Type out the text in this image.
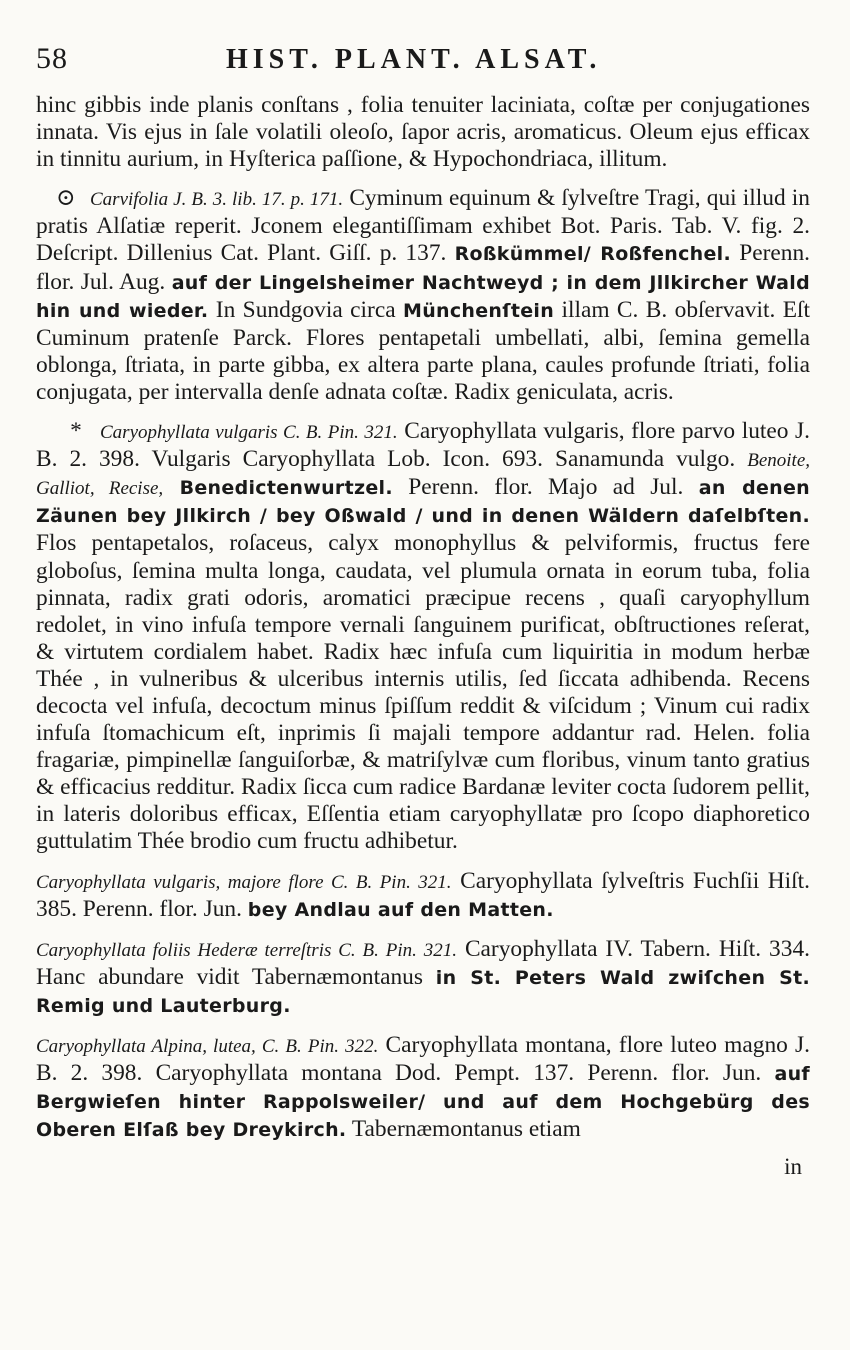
58	HIST. PLANT. ALSAT.

hinc gibbis inde planis conſtans , folia tenuiter laciniata, coſtæ per conjugationes innata. Vis ejus in ſale volatili oleoſo, ſapor acris, aromaticus. Oleum ejus efficax in tinnitu aurium, in Hyſterica paſſione, & Hypochondriaca, illitum.

⊙ Carvifolia J. B. 3. lib. 17. p. 171. Cyminum equinum & ſylveſtre Tragi, qui illud in pratis Alſatiæ reperit. Jconem elegantiſſimam exhibet Bot. Paris. Tab. V. fig. 2. Deſcript. Dillenius Cat. Plant. Giſſ. p. 137. Roßkümmel/ Roßfenchel. Perenn. flor. Jul. Aug. auf der Lingelsheimer Nachtweyd ; in dem Jllkircher Wald hin und wieder. In Sundgovia circa Münchenſtein illam C. B. obſervavit. Eſt Cuminum pratenſe Parck. Flores pentapetali umbellati, albi, ſemina gemella oblonga, ſtriata, in parte gibba, ex altera parte plana, caules profunde ſtriati, folia conjugata, per intervalla denſe adnata coſtæ. Radix geniculata, acris.

* Caryophyllata vulgaris C. B. Pin. 321. Caryophyllata vulgaris, flore parvo luteo J. B. 2. 398. Vulgaris Caryophyllata Lob. Icon. 693. Sanamunda vulgo. Benoite, Galliot, Recise, Benedictenwurtzel. Perenn. flor. Majo ad Jul. an denen Zäunen bey Jllkirch / bey Oßwald / und in denen Wäldern daſelbſten. Flos pentapetalos, roſaceus, calyx monophyllus & pelviformis, fructus fere globoſus, ſemina multa longa, caudata, vel plumula ornata in eorum tuba, folia pinnata, radix grati odoris, aromatici præcipue recens , quaſi caryophyllum redolet, in vino infuſa tempore vernali ſanguinem purificat, obſtructiones reſerat, & virtutem cordialem habet. Radix hæc infuſa cum liquiritia in modum herbæ Thée , in vulneribus & ulceribus internis utilis, ſed ſiccata adhibenda. Recens decocta vel infuſa, decoctum minus ſpiſſum reddit & viſcidum ; Vinum cui radix infuſa ſtomachicum eſt, inprimis ſi majali tempore addantur rad. Helen. folia fragariæ, pimpinellæ ſanguiſorbæ, & matriſylvæ cum floribus, vinum tanto gratius & efficacius redditur. Radix ſicca cum radice Bardanæ leviter cocta ſudorem pellit, in lateris doloribus efficax, Eſſentia etiam caryophyllatæ pro ſcopo diaphoretico guttulatim Thée brodio cum fructu adhibetur.

Caryophyllata vulgaris, majore flore C. B. Pin. 321. Caryophyllata ſylveſtris Fuchſii Hiſt. 385. Perenn. flor. Jun. bey Andlau auf den Matten.

Caryophyllata foliis Hederæ terreſtris C. B. Pin. 321. Caryophyllata IV. Tabern. Hiſt. 334. Hanc abundare vidit Tabernæmontanus in St. Peters Wald zwiſchen St. Remig und Lauterburg.

Caryophyllata Alpina, lutea, C. B. Pin. 322. Caryophyllata montana, flore luteo magno J. B. 2. 398. Caryophyllata montana Dod. Pempt. 137. Perenn. flor. Jun. auf Bergwieſen hinter Rappolsweiler/ und auf dem Hochgebürg des Oberen Elſaß bey Dreykirch. Tabernæmontanus etiam

in
